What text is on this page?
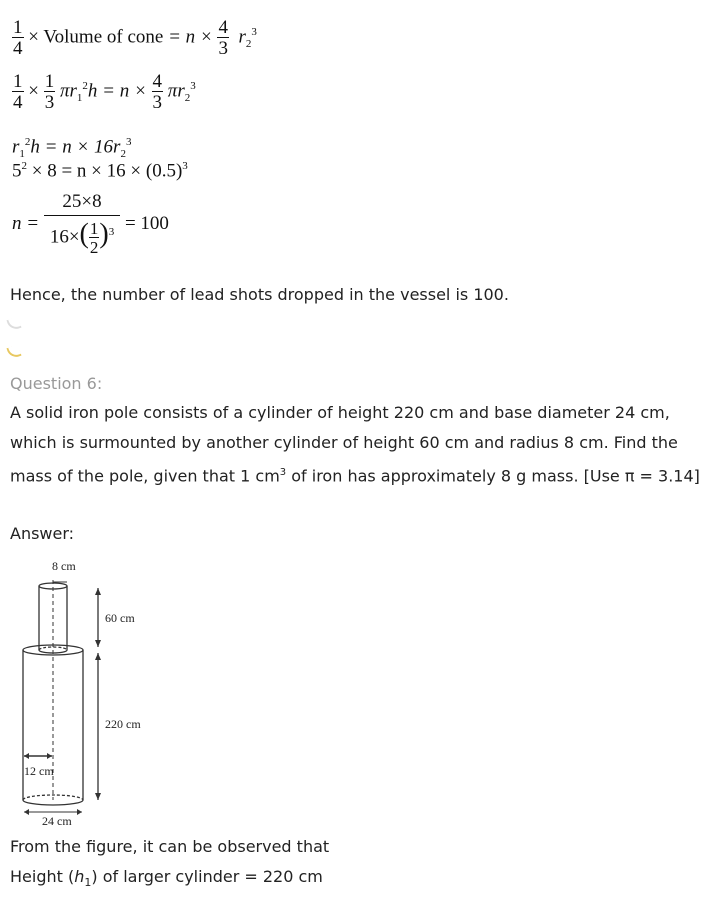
$\frac{1}{4}$ × Volume of cone = $n \times \frac{4}{3} r_2^3$
$\frac{1}{4} \times \frac{1}{3} \pi r_1^2h = n \times \frac{4}{3} \pi r_2^3$
$r_1^2h = n \times 16r_2^3$
$5^2 \times 8 = n \times 16 \times (0.5)^3$
$n = \frac{25\times 8}{16\times( \frac{1}{2} )^3} = 100$
Hence, the number of lead shots dropped in the vessel is 100.
Question 6:
A solid iron pole consists of a cylinder of height 220 cm and base diameter 24 cm, which is surmounted by another cylinder of height 60 cm and radius 8 cm. Find the mass of the pole, given that 1 $cm^3$ of iron has approximately 8 g mass. [Use π = 3.14]
Answer:
8 cm
12 cm
24 cm
60 cm
220 cm
From the figure, it can be observed that
Height $(h_1)$ of larger cylinder = 220 cm
